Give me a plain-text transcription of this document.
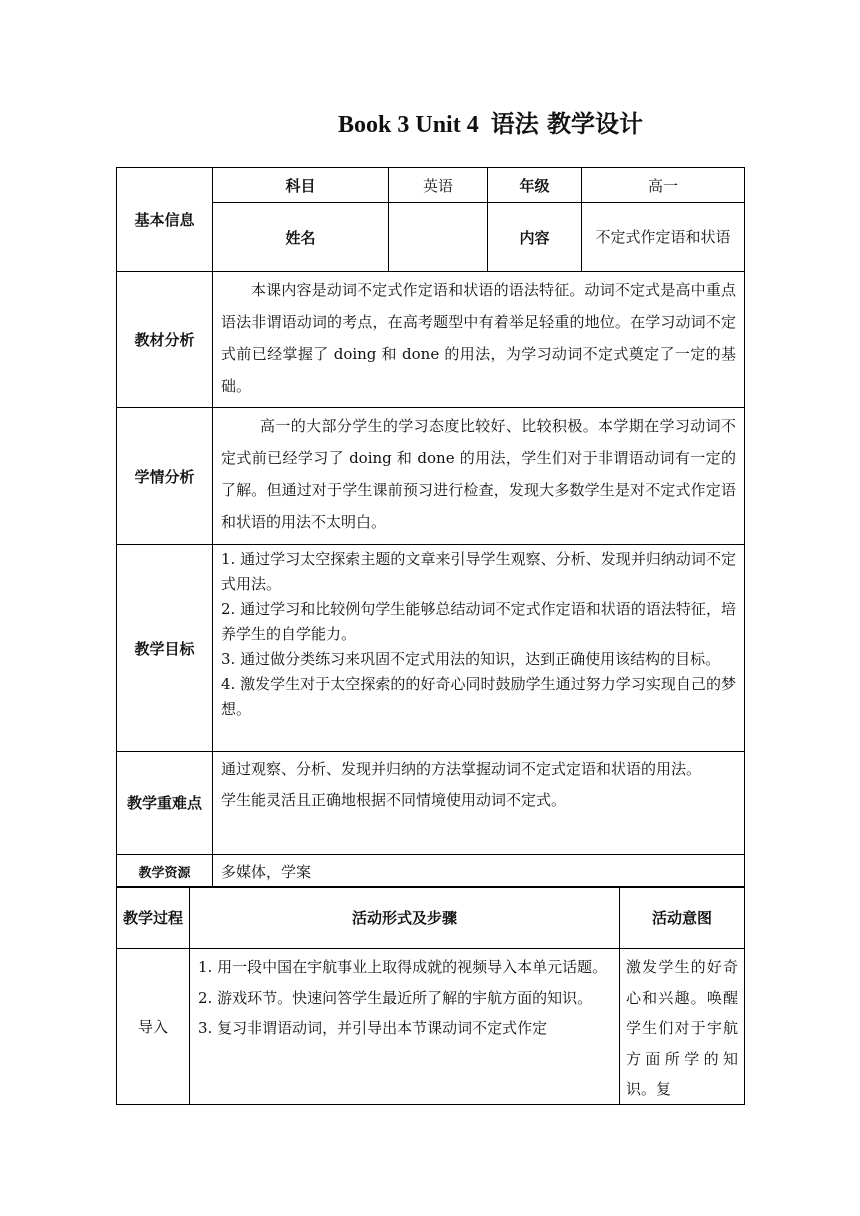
Book 3 Unit 4 语法 教学设计
基本信息	科目	英语	年级	高一
	姓名		内容	不定式作定语和状语
教材分析	本课内容是动词不定式作定语和状语的语法特征。动词不定式是高中重点语法非谓语动词的考点，在高考题型中有着举足轻重的地位。在学习动词不定式前已经掌握了 doing 和 done 的用法，为学习动词不定式奠定了一定的基础。			
学情分析	高一的大部分学生的学习态度比较好、比较积极。本学期在学习动词不定式前已经学习了 doing 和 done 的用法，学生们对于非谓语动词有一定的了解。但通过对于学生课前预习进行检查，发现大多数学生是对不定式作定语和状语的用法不太明白。			
教学目标	1. 通过学习太空探索主题的文章来引导学生观察、分析、发现并归纳动词不定式用法。
2. 通过学习和比较例句学生能够总结动词不定式作定语和状语的语法特征，培养学生的自学能力。
3. 通过做分类练习来巩固不定式用法的知识，达到正确使用该结构的目标。
4. 激发学生对于太空探索的的好奇心同时鼓励学生通过努力学习实现自己的梦想。			

教学重难点	通过观察、分析、发现并归纳的方法掌握动词不定式定语和状语的用法。
学生能灵活且正确地根据不同情境使用动词不定式。			

教学资源	多媒体，学案			
教学过程	活动形式及步骤	活动意图
导入	1. 用一段中国在宇航事业上取得成就的视频导入本单元话题。
2. 游戏环节。快速问答学生最近所了解的宇航方面的知识。
3. 复习非谓语动词，并引导出本节课动词不定式作定	激发学生的好奇心和兴趣。唤醒学生们对于宇航方面所学的知识。复
